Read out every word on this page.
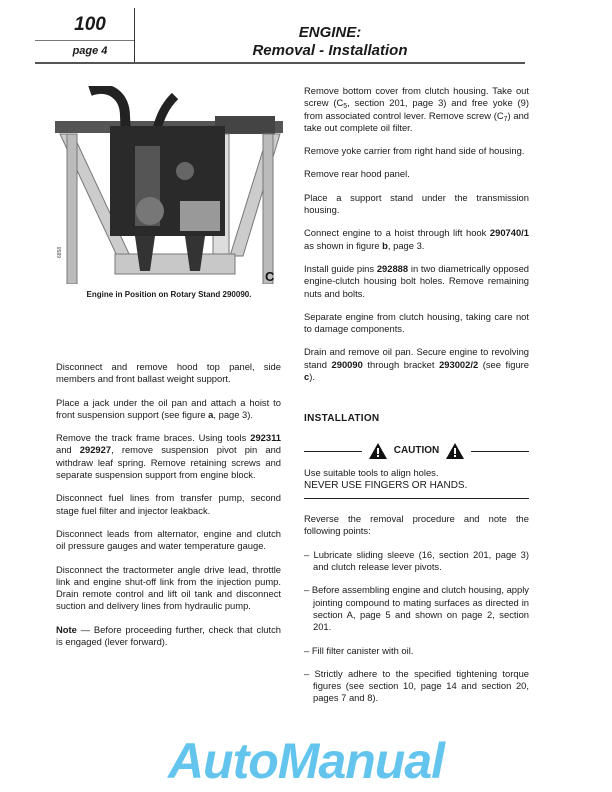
100
page 4
ENGINE:
Removal - Installation
6858
C
Engine in Position on Rotary Stand 290090.
Disconnect and remove hood top panel, side members and front ballast weight support.
Place a jack under the oil pan and attach a hoist to front suspension support (see figure a, page 3).
Remove the track frame braces. Using tools 292311 and 292927, remove suspension pivot pin and withdraw leaf spring. Remove retaining screws and separate suspension support from engine block.
Disconnect fuel lines from transfer pump, second stage fuel filter and injector leakback.
Disconnect leads from alternator, engine and clutch oil pressure gauges and water temperature gauge.
Disconnect the tractormeter angle drive lead, throttle link and engine shut-off link from the injection pump. Drain remote control and lift oil tank and disconnect suction and delivery lines from hydraulic pump.
Note — Before proceeding further, check that clutch is engaged (lever forward).
Remove bottom cover from clutch housing. Take out screw ($C_5$, section 201, page 3) and free yoke (9) from associated control lever. Remove screw $(C_7)$ and take out complete oil filter.
Remove yoke carrier from right hand side of housing.
Remove rear hood panel.
Place a support stand under the transmission housing.
Connect engine to a hoist through lift hook 290740/1 as shown in figure b, page 3.
Install guide pins 292888 in two diametrically opposed engine-clutch housing bolt holes. Remove remaining nuts and bolts.
Separate engine from clutch housing, taking care not to damage components.
Drain and remove oil pan. Secure engine to revolving stand 290090 through bracket 293002/2 (see figure c).
INSTALLATION
CAUTION
Use suitable tools to align holes.
NEVER USE FINGERS OR HANDS.
Reverse the removal procedure and note the following points:
– Lubricate sliding sleeve (16, section 201, page 3) and clutch release lever pivots.
– Before assembling engine and clutch housing, apply jointing compound to mating surfaces as directed in section A, page 5 and shown on page 2, section 201.
– Fill filter canister with oil.
– Strictly adhere to the specified tightening torque figures (see section 10, page 14 and section 20, pages 7 and 8).
AutoManual
